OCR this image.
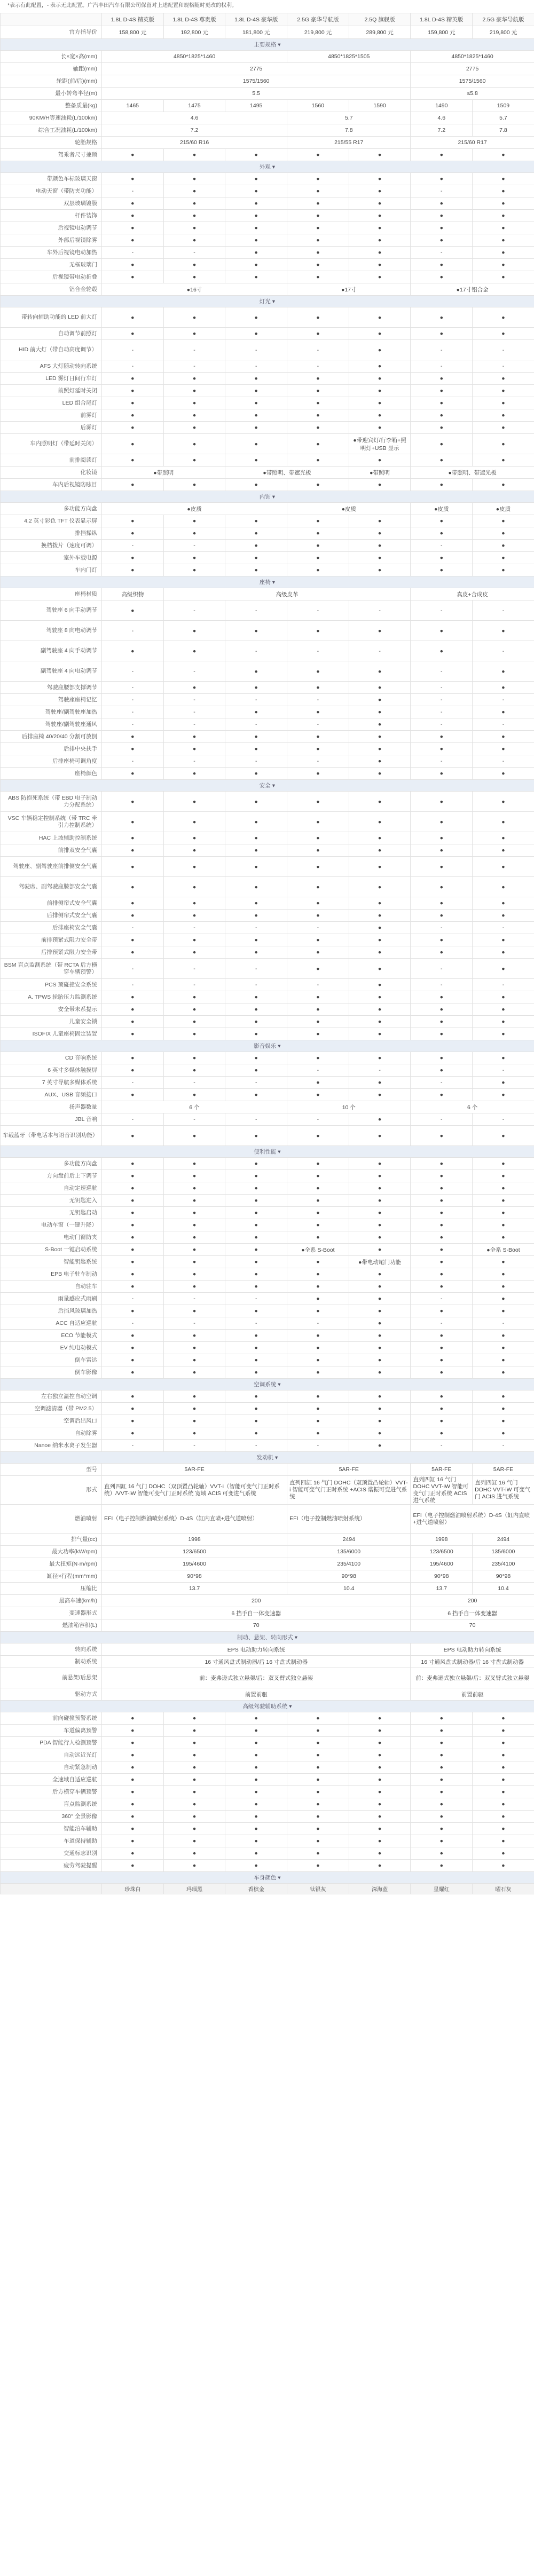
*表示有此配置，- 表示无此配置。广汽丰田汽车有限公司保留对上述配置和规格随时更改的权利。
	1.8L D-4S 精英版	1.8L D-4S 尊贵版	1.8L D-4S 豪华版	2.5G 豪华导航版	2.5Q 旗舰版	1.8L D-4S 精英版	2.5G 豪华导航版
官方指导价	158,800 元	192,800 元	181,800 元	219,800 元	289,800 元	159,800 元	219,800 元
主要规格 ▾							
长×宽×高(mm)	4850*1825*1460			4850*1825*1505		4850*1825*1460	
轴距(mm)	2775					2775	
轮距(前/后)(mm)	1575/1560					1575/1560	
最小转弯半径(m)	5.5					≤5.8	
整备质量(kg)	1465	1475	1495	1560	1590	1490	1509
90KM/H等速油耗(L/100km)	4.6			5.7		4.6	5.7
综合工况油耗(L/100km)	7.2			7.8		7.2	7.8
轮胎规格	215/60 R16			215/55 R17		215/60 R17	
驾乘者尺寸兼顾	●	●	●	●	●	●	●
外观 ▾							
带颜色车标玻璃天窗	●	●	●	●	●	●	●
电动天窗（带防夹功能）	-	●	●	●	●	-	●
双层玻璃镀膜	●	●	●	●	●	●	●
杆件装饰	●	●	●	●	●	●	●
后视镜电动调节	●	●	●	●	●	●	●
外部后视镜除雾	●	●	●	●	●	●	●
车外后视镜电动加热	-	-	●	●	●	-	●
无框玻璃门	●	●	●	●	●	●	●
后视镜带电动折叠	●	●	●	●	●	●	●
铝合金轮毂	●16寸			●17寸		●17寸铝合金	
灯光 ▾							
带转向辅助功能的 LED 前大灯	●	●	●	●	●	●	●
自动调节前照灯	●	●	●	●	●	●	●
HID 前大灯（带自动高度调节）	-	-	-	-	●	-	-
AFS 大灯随动转向系统	-	-	-	-	●	-	-
LED 雾灯日间行车灯	●	●	●	●	●	●	●
前照灯延时关闭	●	●	●	●	●	●	●
LED 组合尾灯	●	●	●	●	●	●	●
前雾灯	●	●	●	●	●	●	●
后雾灯	●	●	●	●	●	●	●
车内照明灯（带延时关闭）	●	●	●	●	●带迎宾灯/行李箱+照明灯+USB 显示	●	●
前排阅读灯	●	●	●	●	●	●	●
化妆镜	●带照明		●带照明、带遮光板		●带照明	●带照明、带遮光板	
车内后视镜防眩目	●	●	●	●	●	●	●
内饰 ▾							
多功能方向盘	●皮质			●皮质		●皮质	●皮质
4.2 英寸彩色 TFT 仪表显示屏	●	●	●	●	●	●	●
排挡操纵	●	●	●	●	●	●	●
换档拨片（速度可调）	-	-	●	●	●	-	●
室外车载电源	●	●	●	●	●	●	●
车内门灯	●	●	●	●	●	●	●
座椅 ▾							
座椅材质	高级织物	高级皮革				真皮+合成皮	
驾驶座 6 向手动调节	●	-	-	-	-	-	-
驾驶座 8 向电动调节	-	●	●	●	●	●	●
副驾驶座 4 向手动调节	●	●	-	-	-	●	-
副驾驶座 4 向电动调节	-	-	●	●	●	-	●
驾驶座腰部支撑调节	-	●	●	●	●	-	●
驾驶座座椅记忆	-	-	-	-	●	-	-
驾驶座/副驾驶座加热	-	-	●	●	●	-	●
驾驶座/副驾驶座通风	-	-	-	-	●	-	-
后排座椅 40/20/40 分割可放倒	●	●	●	●	●	●	●
后排中央扶手	●	●	●	●	●	●	●
后排座椅可调角度	-	-	-	-	●	-	-
座椅颜色	●	●	●	●	●	●	●
安全 ▾							
ABS 防抱死系统（带 EBD 电子制动力分配系统）	●	●	●	●	●	●	●
VSC 车辆稳定控制系统（带 TRC 牵引力控制系统）	●	●	●	●	●	●	●
HAC 上坡辅助控制系统	●	●	●	●	●	●	●
前排双安全气囊	●	●	●	●	●	●	●
驾驶座、副驾驶座前排侧安全气囊	●	●	●	●	●	●	●
驾驶席、副驾驶座膝部安全气囊	●	●	●	●	●	●	●
前排侧帘式安全气囊	●	●	●	●	●	●	●
后排侧帘式安全气囊	●	●	●	●	●	●	●
后排座椅安全气囊	-	-	-	-	●	-	-
前排预紧式限力安全带	●	●	●	●	●	●	●
后排预紧式限力安全带	●	●	●	●	●	●	●
BSM 盲点监测系统（带 RCTA 后方横穿车辆预警）	-	-	-	●	●	-	●
PCS 预碰撞安全系统	-	-	-	-	●	-	-
A. TPWS 轮胎压力监测系统	●	●	●	●	●	●	●
安全带未系提示	●	●	●	●	●	●	●
儿童安全锁	●	●	●	●	●	●	●
ISOFIX 儿童座椅固定装置	●	●	●	●	●	●	●
影音娱乐 ▾							
CD 音响系统	●	●	●	●	●	●	●
6 英寸多媒体触摸屏	●	●	●	-	-	●	-
7 英寸导航多媒体系统	-	-	-	●	●	-	●
AUX、USB 音频接口	●	●	●	●	●	●	●
扬声器数量	6 个			10 个		6 个	
JBL 音响	-	-	-	-	●	-	-
车载蓝牙（带电话本与语音识别功能）	●	●	●	●	●	●	●
便利性能 ▾							
多功能方向盘	●	●	●	●	●	●	●
方向盘前后上下调节	●	●	●	●	●	●	●
自动定速巡航	●	●	●	●	●	●	●
无钥匙进入	●	●	●	●	●	●	●
无钥匙启动	●	●	●	●	●	●	●
电动车窗（一键升降）	●	●	●	●	●	●	●
电动门窗防夹	●	●	●	●	●	●	●
S-Boot 一键启动系统	●	●	●	●全系 S-Boot	●	●	●全系 S-Boot
智能钥匙系统	●	●	●	●	●带电动尾门功能	●	●
EPB 电子驻车制动	●	●	●	●	●	●	●
自动驻车	●	●	●	●	●	●	●
雨量感应式雨刷	-	-	-	●	●	-	●
后挡风玻璃加热	●	●	●	●	●	●	●
ACC 自适应巡航	-	-	-	-	●	-	-
ECO 节能模式	●	●	●	●	●	●	●
EV 纯电动模式	●	●	●	●	●	●	●
倒车雷达	●	●	●	●	●	●	●
倒车影像	●	●	●	●	●	●	●
空调系统 ▾							
左右独立温控自动空调	●	●	●	●	●	●	●
空调滤清器（带 PM2.5）	●	●	●	●	●	●	●
空调后出风口	●	●	●	●	●	●	●
自动除雾	●	●	●	●	●	●	●
Nanoe 纳米水离子发生器	-	-	-	-	●	-	-
发动机 ▾							
型号	5AR-FE			5AR-FE		5AR-FE	5AR-FE
形式	直列四缸 16 气门 DOHC（双顶置凸轮轴）VVT-i（智能可变气门正时系统）/VVT-iW 智能可变气门正时系统 宽域 ACIS 可变进气系统			直列四缸 16 气门 DOHC（双顶置凸轮轴）VVT-i 智能可变气门正时系统 +ACIS 谐振可变进气系统		直列四缸 16 气门 DOHC VVT-iW 智能可变气门正时系统 ACIS 进气系统	直列四缸 16 气门 DOHC VVT-iW 可变气门 ACIS 进气系统
燃油喷射	EFI（电子控制燃油喷射系统）D-4S（缸内直喷+进气道喷射）			EFI（电子控制燃油喷射系统）		EFI（电子控制燃油喷射系统）D-4S（缸内直喷+进气道喷射）	
排气量(cc)	1998			2494		1998	2494
最大功率(kW/rpm)	123/6500			135/6000		123/6500	135/6000
最大扭矩(N·m/rpm)	195/4600			235/4100		195/4600	235/4100
缸径×行程(mm*mm)	90*98			90*98		90*98	90*98
压缩比	13.7			10.4		13.7	10.4
最高车速(km/h)	200					200	
变速器形式	6 挡手自一体变速器					6 挡手自一体变速器	
燃油箱容积(L)	70					70	
制动、悬架、转向形式 ▾							
转向系统	EPS 电动助力转向系统					EPS 电动助力转向系统	
制动系统	16 寸通风盘式制动器/后 16 寸盘式制动器					16 寸通风盘式制动器/后 16 寸盘式制动器	
前悬架/后悬架	前：麦弗逊式独立悬架/后：双叉臂式独立悬架					前：麦弗逊式独立悬架/后：双叉臂式独立悬架	
驱动方式	前置前驱					前置前驱	
高级驾驶辅助系统 ▾							
前向碰撞预警系统	●	●	●	●	●	●	●
车道偏离预警	●	●	●	●	●	●	●
PDA 智能行人检测预警	●	●	●	●	●	●	●
自动远近光灯	●	●	●	●	●	●	●
自动紧急制动	●	●	●	●	●	●	●
全速域自适应巡航	●	●	●	●	●	●	●
后方横穿车辆预警	●	●	●	●	●	●	●
盲点监测系统	●	●	●	●	●	●	●
360° 全景影像	●	●	●	●	●	●	●
智能泊车辅助	●	●	●	●	●	●	●
车道保持辅助	●	●	●	●	●	●	●
交通标志识别	●	●	●	●	●	●	●
疲劳驾驶提醒	●	●	●	●	●	●	●
车身颜色 ▾							
	珍珠白	玛瑙黑	香槟金	钛银灰	深海蓝	星耀红	曜石灰
